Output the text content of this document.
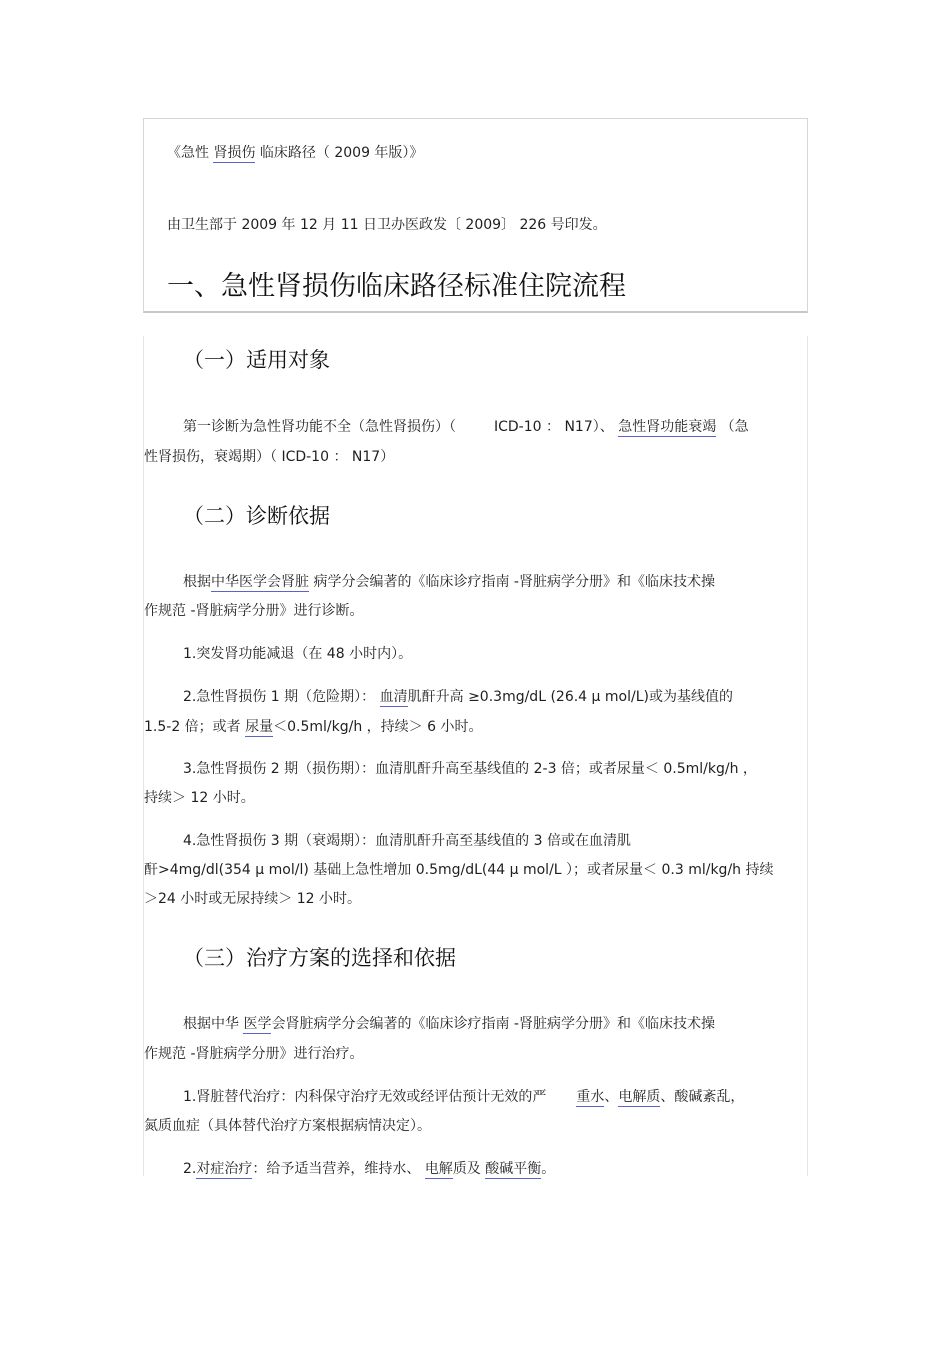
《急性 肾损伤 临床路径（ 2009 年版）》
由卫生部于 2009 年 12 月 11 日卫办医政发〔 2009〕 226 号印发。
一、急性肾损伤临床路径标准住院流程
（一）适用对象
第一诊断为急性肾功能不全（急性肾损伤）（	ICD-10 ： N17）、 急性肾功能衰竭 （急
性肾损伤，衰竭期）（ ICD-10 ： N17）
（二）诊断依据
根据中华医学会肾脏 病学分会编著的《临床诊疗指南 -肾脏病学分册》和《临床技术操
作规范 -肾脏病学分册》进行诊断。
1.突发肾功能减退（在 48 小时内）。
2.急性肾损伤 1 期（危险期）： 血清肌酐升高 ≥0.3mg/dL (26.4 µ mol/L)或为基线值的
1.5-2 倍；或者 尿量＜0.5ml/kg/h ，持续＞ 6 小时。
3.急性肾损伤 2 期（损伤期）：血清肌酐升高至基线值的 2-3 倍；或者尿量＜ 0.5ml/kg/h ，
持续＞ 12 小时。
4.急性肾损伤 3 期（衰竭期）：血清肌酐升高至基线值的 3 倍或在血清肌
酐>4mg/dl(354 µ mol/l) 基础上急性增加 0.5mg/dL(44 µ mol/L ）；或者尿量＜ 0.3 ml/kg/h 持续
＞24 小时或无尿持续＞ 12 小时。
（三）治疗方案的选择和依据
根据中华 医学会肾脏病学分会编著的《临床诊疗指南 -肾脏病学分册》和《临床技术操
作规范 -肾脏病学分册》进行治疗。
1.肾脏替代治疗：内科保守治疗无效或经评估预计无效的严 重水、电解质、酸碱紊乱，
氮质血症（具体替代治疗方案根据病情决定）。
2.对症治疗：给予适当营养，维持水、 电解质及 酸碱平衡。
